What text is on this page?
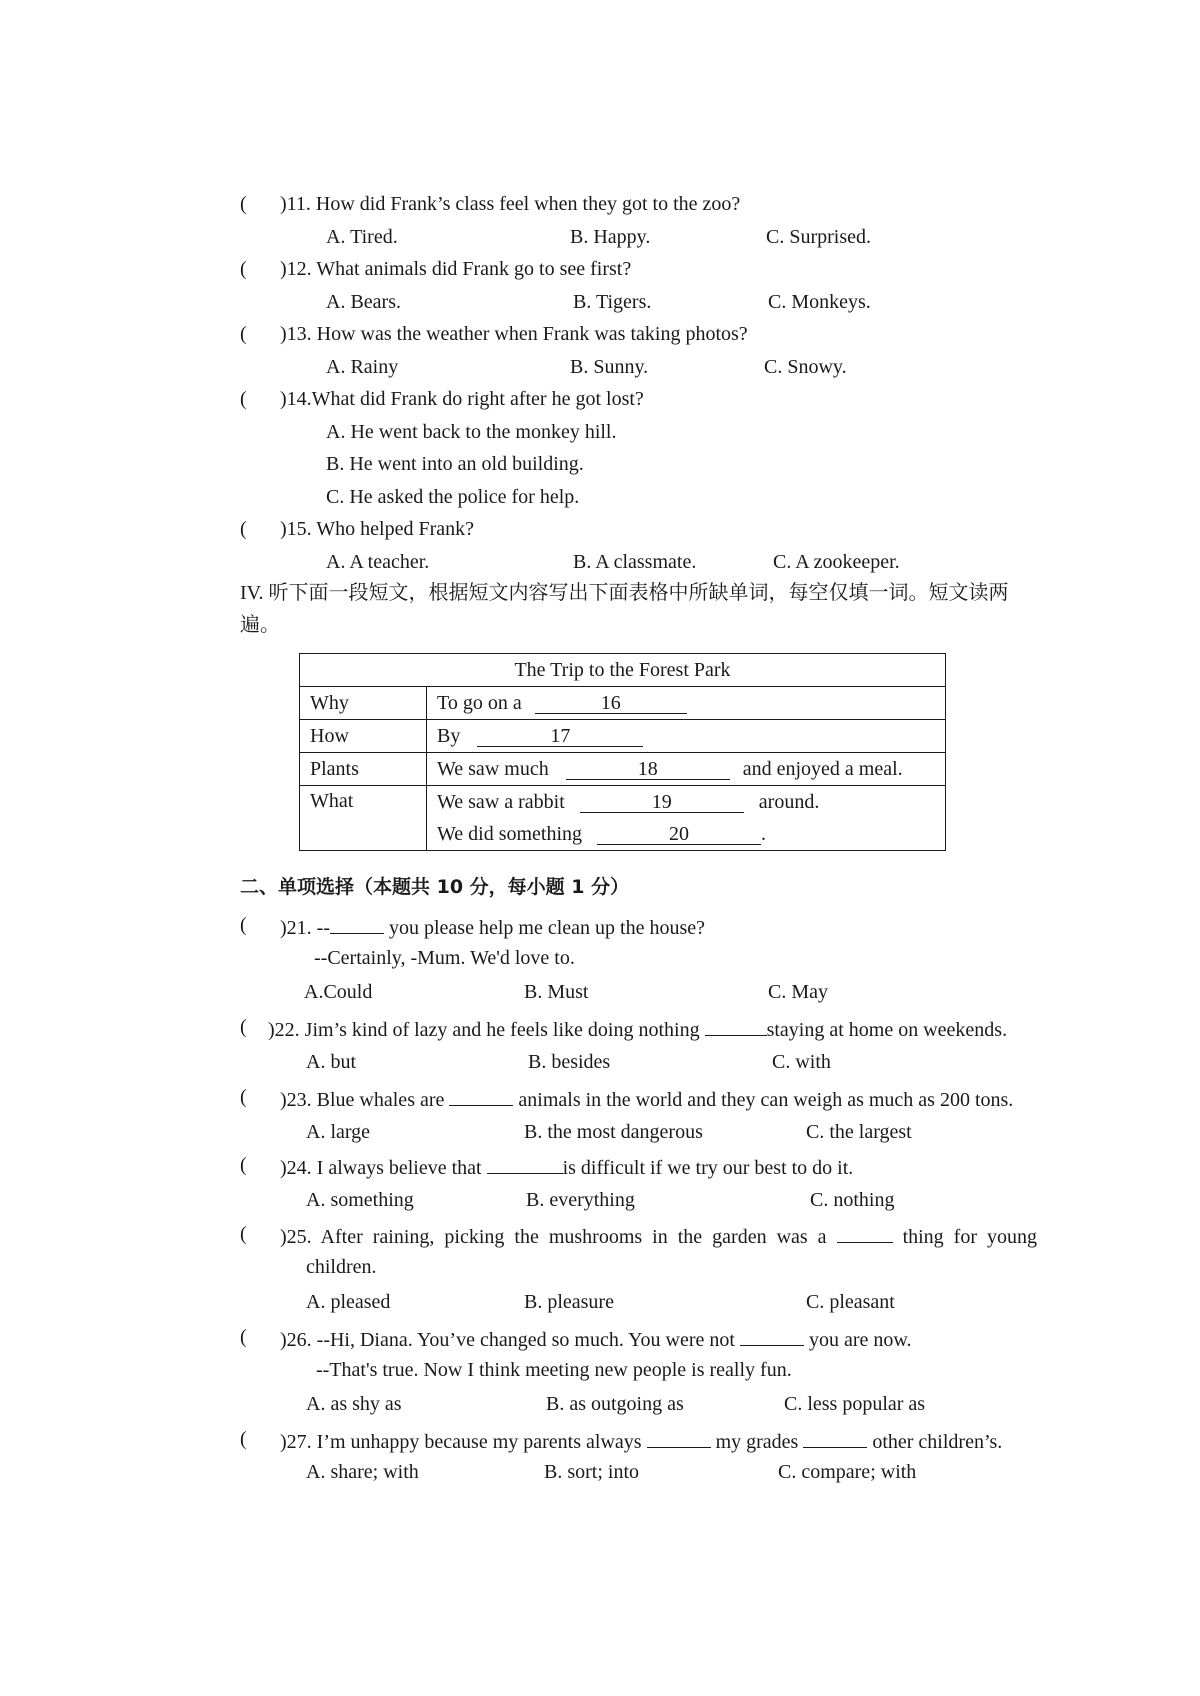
( )11. How did Frank’s class feel when they got to the zoo?
A. Tired.	B. Happy.	C. Surprised.
( )12. What animals did Frank go to see first?
A. Bears.	B. Tigers.	C. Monkeys.
( )13. How was the weather when Frank was taking photos?
A. Rainy	B. Sunny.	C. Snowy.
( )14.What did Frank do right after he got lost?
A. He went back to the monkey hill.
B. He went into an old building.
C. He asked the police for help.
( )15. Who helped Frank?
A. A teacher.	B. A classmate.	C. A zookeeper.
IV. 听下面一段短文，根据短文内容写出下面表格中所缺单词，每空仅填一词。短文读两
遍。
The Trip to the Forest Park	
Why	To go on a 16
How	By 17
Plants	We saw much 18 and enjoyed a meal.
What	We saw a rabbit 19 around.
We did something 20 .
二、单项选择（本题共 10 分，每小题 1 分）
( )21. --	you please help me clean up the house?
--Certainly, -Mum. We'd love to.
A.Could	B. Must	C. May
( )22. Jim’s kind of lazy and he feels like doing nothing	staying at home on weekends.
A. but	B. besides	C. with
( )23. Blue whales are	animals in the world and they can weigh as much as 200 tons.
A. large	B. the most dangerous	C. the largest
( )24. I always believe that	is difficult if we try our best to do it.
A. something	B. everything	C. nothing
( )25. After raining, picking the mushrooms in the garden was a	thing for young
children.
A. pleased	B. pleasure	C. pleasant
( )26. --Hi, Diana. You’ve changed so much. You were not	you are now.
--That's true. Now I think meeting new people is really fun.
A. as shy as	B. as outgoing as	C. less popular as
( )27. I’m unhappy because my parents always	my grades	other children’s.
A. share; with	B. sort; into	C. compare; with
